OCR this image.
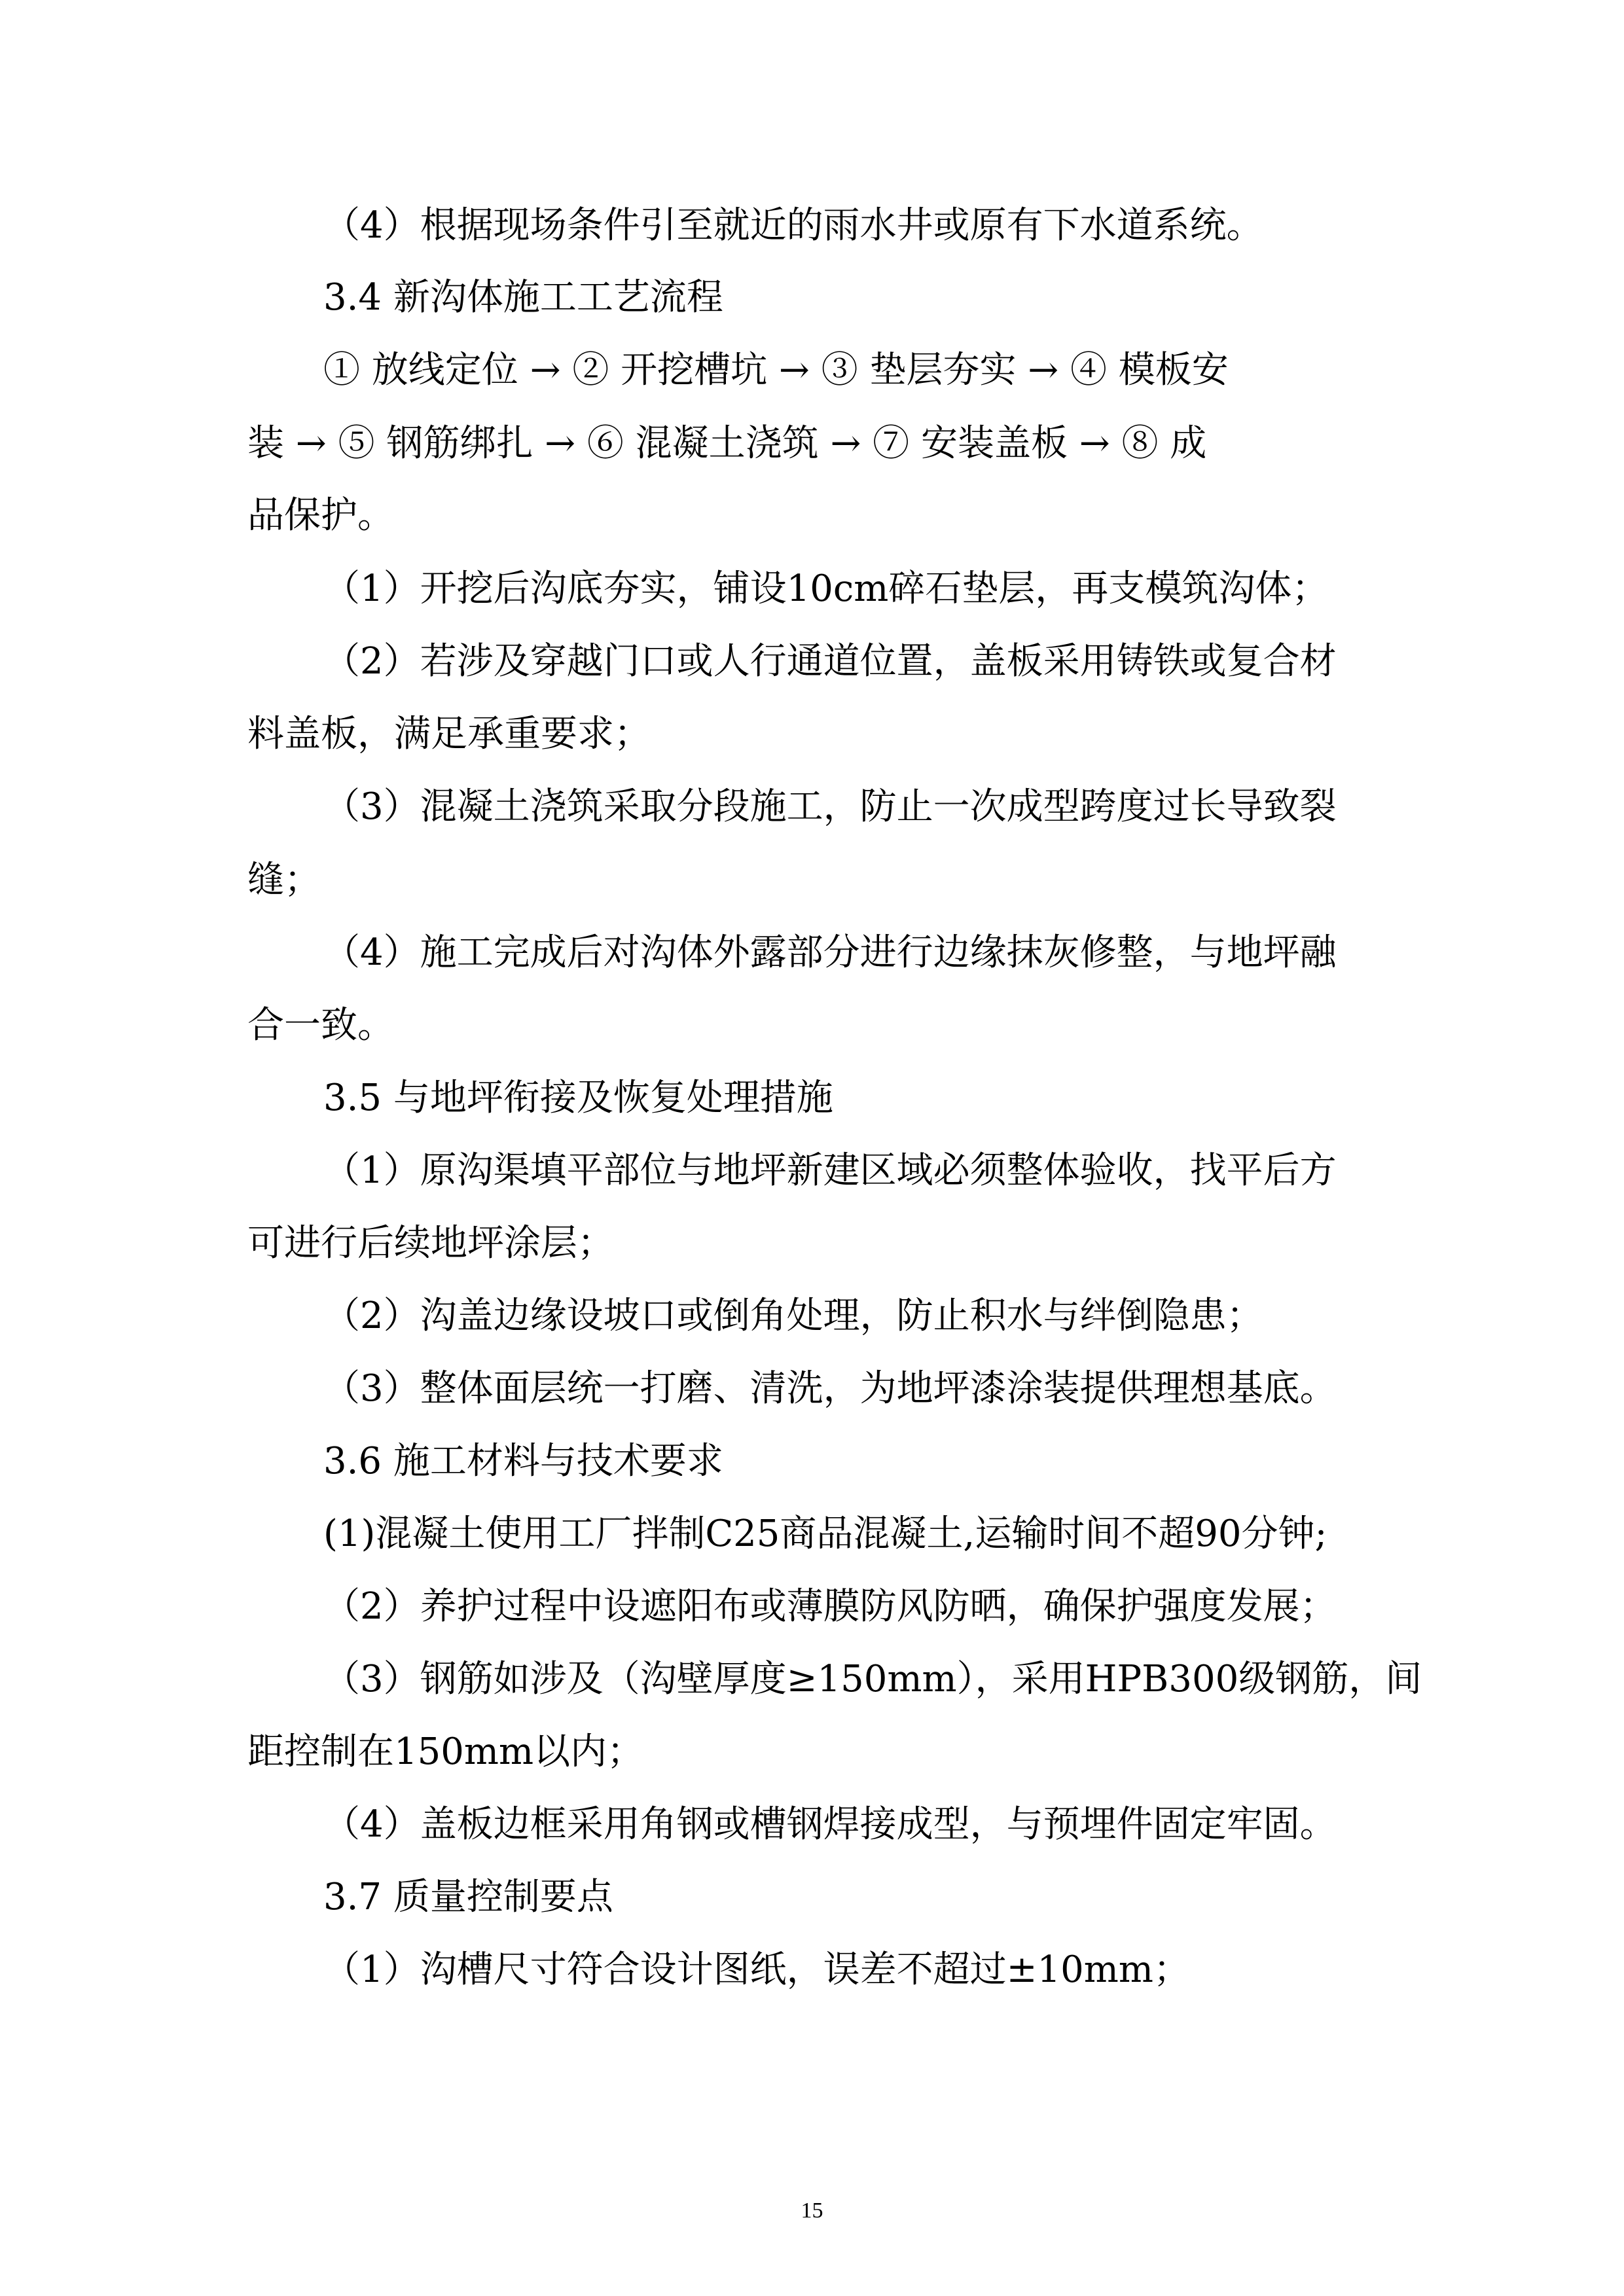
（4）根据现场条件引至就近的雨水井或原有下水道系统。
3.4 新沟体施工工艺流程
① 放线定位 → ② 开挖槽坑 → ③ 垫层夯实 → ④ 模板安
装 → ⑤ 钢筋绑扎 → ⑥ 混凝土浇筑 → ⑦ 安装盖板 → ⑧ 成
品保护。
（1）开挖后沟底夯实，铺设10cm碎石垫层，再支模筑沟体；
（2）若涉及穿越门口或人行通道位置，盖板采用铸铁或复合材
料盖板，满足承重要求；
（3）混凝土浇筑采取分段施工，防止一次成型跨度过长导致裂
缝；
（4）施工完成后对沟体外露部分进行边缘抹灰修整，与地坪融
合一致。
3.5 与地坪衔接及恢复处理措施
（1）原沟渠填平部位与地坪新建区域必须整体验收，找平后方
可进行后续地坪涂层；
（2）沟盖边缘设坡口或倒角处理，防止积水与绊倒隐患；
（3）整体面层统一打磨、清洗，为地坪漆涂装提供理想基底。
3.6 施工材料与技术要求
(1)混凝土使用工厂拌制C25商品混凝土,运输时间不超90分钟;
（2）养护过程中设遮阳布或薄膜防风防晒，确保护强度发展；
（3）钢筋如涉及（沟壁厚度≥150mm），采用HPB300级钢筋，间
距控制在150mm以内；
（4）盖板边框采用角钢或槽钢焊接成型，与预埋件固定牢固。
3.7 质量控制要点
（1）沟槽尺寸符合设计图纸，误差不超过±10mm；
15
